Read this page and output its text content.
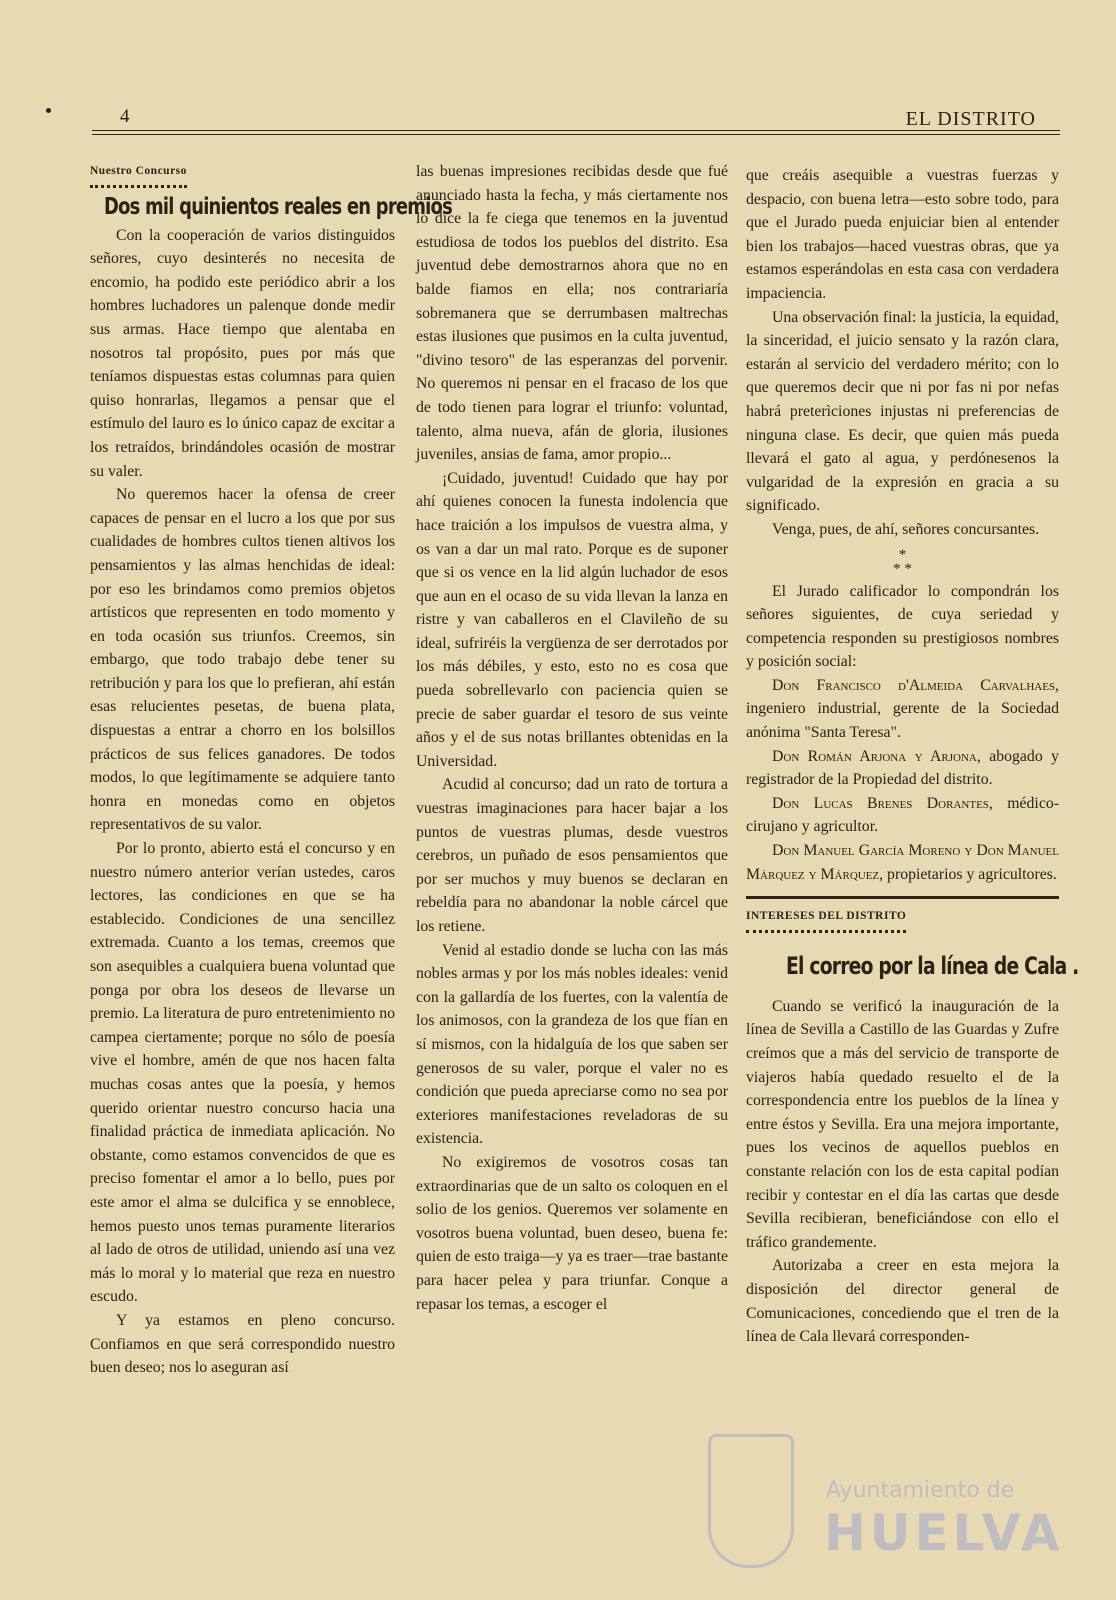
4	EL DISTRITO
Nuestro Concurso
Dos mil quinientos reales en premios

Con la cooperación de varios distinguidos señores, cuyo desinterés no necesita de encomio, ha podido este periódico abrir a los hombres luchadores un palenque donde medir sus armas. Hace tiempo que alentaba en nosotros tal propósito, pues por más que teníamos dispuestas estas columnas para quien quiso honrarlas, llegamos a pensar que el estímulo del lauro es lo único capaz de excitar a los retraídos, brindándoles ocasión de mostrar su valer.

No queremos hacer la ofensa de creer capaces de pensar en el lucro a los que por sus cualidades de hombres cultos tienen altivos los pensamientos y las almas henchidas de ideal: por eso les brindamos como premios objetos artísticos que representen en todo momento y en toda ocasión sus triunfos. Creemos, sin embargo, que todo trabajo debe tener su retribución y para los que lo prefieran, ahí están esas relucientes pesetas, de buena plata, dispuestas a entrar a chorro en los bolsillos prácticos de sus felices ganadores. De todos modos, lo que legítimamente se adquiere tanto honra en monedas como en objetos representativos de su valor.

Por lo pronto, abierto está el concurso y en nuestro número anterior verían ustedes, caros lectores, las condiciones en que se ha establecido. Condiciones de una sencillez extremada. Cuanto a los temas, creemos que son asequibles a cualquiera buena voluntad que ponga por obra los deseos de llevarse un premio. La literatura de puro entretenimiento no campea ciertamente; porque no sólo de poesía vive el hombre, amén de que nos hacen falta muchas cosas antes que la poesía, y hemos querido orientar nuestro concurso hacia una finalidad práctica de inmediata aplicación. No obstante, como estamos convencidos de que es preciso fomentar el amor a lo bello, pues por este amor el alma se dulcifica y se ennoblece, hemos puesto unos temas puramente literarios al lado de otros de utilidad, uniendo así una vez más lo moral y lo material que reza en nuestro escudo.

Y ya estamos en pleno concurso. Confiamos en que será correspondido nuestro buen deseo; nos lo aseguran así

las buenas impresiones recibidas desde que fué anunciado hasta la fecha, y más ciertamente nos lo dice la fe ciega que tenemos en la juventud estudiosa de todos los pueblos del distrito. Esa juventud debe demostrarnos ahora que no en balde fiamos en ella; nos contrariaría sobremanera que se derrumbasen maltrechas estas ilusiones que pusimos en la culta juventud, "divino tesoro" de las esperanzas del porvenir. No queremos ni pensar en el fracaso de los que de todo tienen para lograr el triunfo: voluntad, talento, alma nueva, afán de gloria, ilusiones juveniles, ansias de fama, amor propio...

¡Cuidado, juventud! Cuidado que hay por ahí quienes conocen la funesta indolencia que hace traición a los impulsos de vuestra alma, y os van a dar un mal rato. Porque es de suponer que si os vence en la lid algún luchador de esos que aun en el ocaso de su vida llevan la lanza en ristre y van caballeros en el Clavileño de su ideal, sufriréis la vergüenza de ser derrotados por los más débiles, y esto, esto no es cosa que pueda sobrellevarlo con paciencia quien se precie de saber guardar el tesoro de sus veinte años y el de sus notas brillantes obtenidas en la Universidad.

Acudid al concurso; dad un rato de tortura a vuestras imaginaciones para hacer bajar a los puntos de vuestras plumas, desde vuestros cerebros, un puñado de esos pensamientos que por ser muchos y muy buenos se declaran en rebeldía para no abandonar la noble cárcel que los retiene.

Venid al estadio donde se lucha con las más nobles armas y por los más nobles ideales: venid con la gallardía de los fuertes, con la valentía de los animosos, con la grandeza de los que fían en sí mismos, con la hidalguía de los que saben ser generosos de su valer, porque el valer no es condición que pueda apreciarse como no sea por exteriores manifestaciones reveladoras de su existencia.

No exigiremos de vosotros cosas tan extraordinarias que de un salto os coloquen en el solio de los genios. Queremos ver solamente en vosotros buena voluntad, buen deseo, buena fe: quien de esto traiga—y ya es traer—trae bastante para hacer pelea y para triunfar. Conque a repasar los temas, a escoger el

que creáis asequible a vuestras fuerzas y despacio, con buena letra—esto sobre todo, para que el Jurado pueda enjuiciar bien al entender bien los trabajos—haced vuestras obras, que ya estamos esperándolas en esta casa con verdadera impaciencia.

Una observación final: la justicia, la equidad, la sinceridad, el juicio sensato y la razón clara, estarán al servicio del verdadero mérito; con lo que queremos decir que ni por fas ni por nefas habrá preterìciones injustas ni preferencias de ninguna clase. Es decir, que quien más pueda llevará el gato al agua, y perdónesenos la vulgaridad de la expresión en gracia a su significado.

Venga, pues, de ahí, señores concursantes.

*
* *

El Jurado calificador lo compondrán los señores siguientes, de cuya seriedad y competencia responden su prestigiosos nombres y posición social:

Don Francisco d'Almeida Carvalhaes, ingeniero industrial, gerente de la Sociedad anónima "Santa Teresa".

Don Román Arjona y Arjona, abogado y registrador de la Propiedad del distrito.

Don Lucas Brenes Dorantes, médico-cirujano y agricultor.

Don Manuel García Moreno y Don Manuel Márquez y Márquez, propietarios y agricultores.

INTERESES DEL DISTRITO
El correo por la línea de Cala .

Cuando se verificó la inauguración de la línea de Sevilla a Castillo de las Guardas y Zufre creímos que a más del servicio de transporte de viajeros había quedado resuelto el de la correspondencia entre los pueblos de la línea y entre éstos y Sevilla. Era una mejora importante, pues los vecinos de aquellos pueblos en constante relación con los de esta capital podían recibir y contestar en el día las cartas que desde Sevilla recibieran, beneficiándose con ello el tráfico grandemente.

Autorizaba a creer en esta mejora la disposición del director general de Comunicaciones, concediendo que el tren de la línea de Cala llevará corresponden-

Ayuntamiento de
HUELVA
